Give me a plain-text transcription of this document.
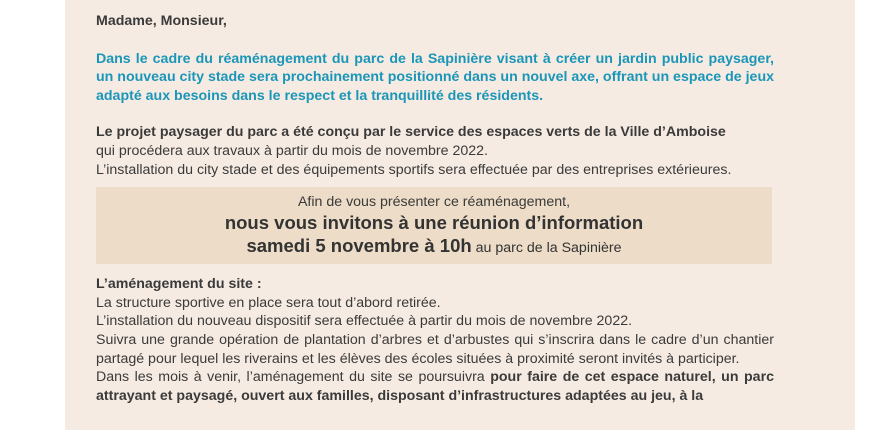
Madame, Monsieur,

Dans le cadre du réaménagement du parc de la Sapinière visant à créer un jardin public paysager, un nouveau city stade sera prochainement positionné dans un nouvel axe, offrant un espace de jeux adapté aux besoins dans le respect et la tranquillité des résidents.

Le projet paysager du parc a été conçu par le service des espaces verts de la Ville d’Amboise

qui procédera aux travaux à partir du mois de novembre 2022.

L’installation du city stade et des équipements sportifs sera effectuée par des entreprises extérieures.

Afin de vous présenter ce réaménagement,
nous vous invitons à une réunion d’information
samedi 5 novembre à 10h au parc de la Sapinière

L’aménagement du site :

La structure sportive en place sera tout d’abord retirée.

L’installation du nouveau dispositif sera effectuée à partir du mois de novembre 2022.

Suivra une grande opération de plantation d’arbres et d’arbustes qui s’inscrira dans le cadre d’un chantier partagé pour lequel les riverains et les élèves des écoles situées à proximité seront invités à participer.

Dans les mois à venir, l’aménagement du site se poursuivra pour faire de cet espace naturel, un parc attrayant et paysagé, ouvert aux familles, disposant d’infrastructures adaptées au jeu, à la
